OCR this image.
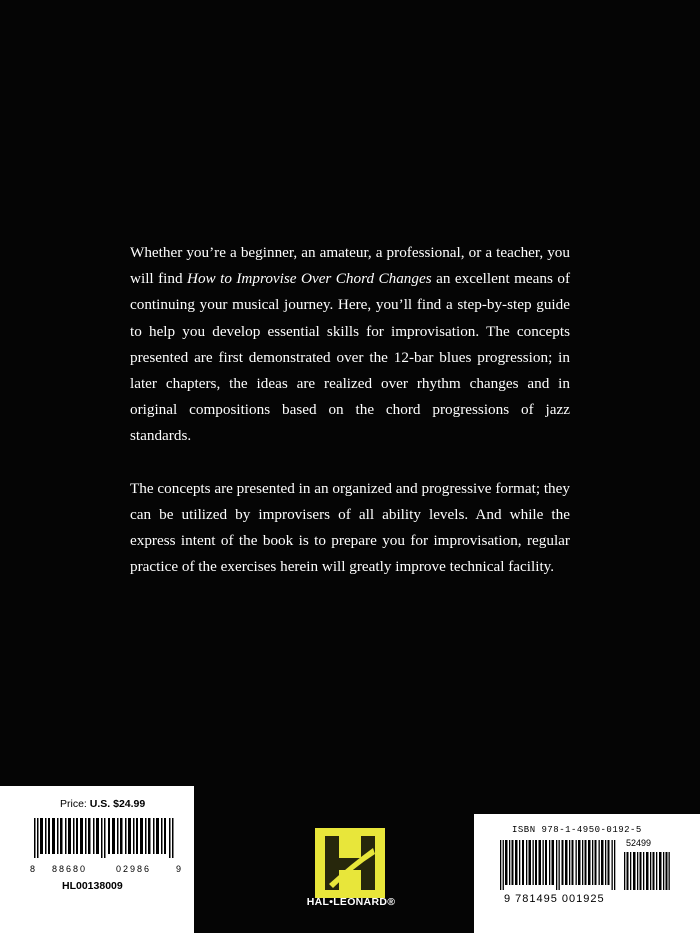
Whether you’re a beginner, an amateur, a professional, or a teacher, you will find How to Improvise Over Chord Changes an excellent means of continuing your musical journey. Here, you’ll find a step-by-step guide to help you develop essential skills for improvisation. The concepts presented are first demonstrated over the 12-bar blues progression; in later chapters, the ideas are realized over rhythm changes and in original compositions based on the chord progressions of jazz standards.

The concepts are presented in an organized and progressive format; they can be utilized by improvisers of all ability levels. And while the express intent of the book is to prepare you for improvisation, regular practice of the exercises herein will greatly improve technical facility.

Price: U.S. $24.99
8 88680	02986	9
HL00138009
HAL•LEONARD®
ISBN 978-1-4950-0192-5
52499
9 781495 001925
